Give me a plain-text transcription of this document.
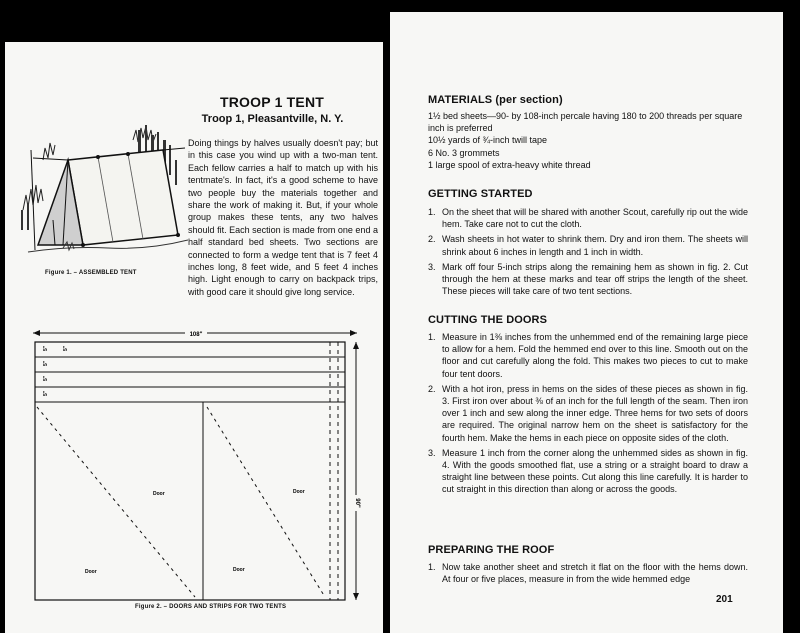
TROOP 1 TENT
Troop 1, Pleasantville, N. Y.
Doing things by halves usually doesn't pay; but in this case you wind up with a two-man tent. Each fellow carries a half to match up with his tentmate's. In fact, it's a good scheme to have two people buy the materials together and share the work of making it. But, if your whole group makes these tents, any two halves should fit. Each section is made from one end a half standard bed sheets. Two sections are connected to form a wedge tent that is 7 feet 4 inches long, 8 feet wide, and 5 feet 4 inches high. Light enough to carry on backpack trips, with good care it should give long service.
Figure 1. – ASSEMBLED TENT
108"
5"
5"
5"
5"
5"
90"
Door	Door
Door	Door
Figure 2. – DOORS AND STRIPS FOR TWO TENTS
MATERIALS (per section)
1½ bed sheets—90- by 108-inch percale having 180 to 200 threads per square inch is preferred
10½ yards of ¾-inch twill tape
6 No. 3 grommets
1 large spool of extra-heavy white thread
GETTING STARTED
1. On the sheet that will be shared with another Scout, carefully rip out the wide hem. Take care not to cut the cloth.
2. Wash sheets in hot water to shrink them. Dry and iron them. The sheets will shrink about 6 inches in length and 1 inch in width.
3. Mark off four 5-inch strips along the remaining hem as shown in fig. 2. Cut through the hem at these marks and tear off strips the length of the sheet. These pieces will take care of two tent sections.
CUTTING THE DOORS
1. Measure in 1⅜ inches from the unhemmed end of the remaining large piece to allow for a hem. Fold the hemmed end over to this line. Smooth out on the floor and cut carefully along the fold. This makes two pieces to cut to make four tent doors.
2. With a hot iron, press in hems on the sides of these pieces as shown in fig. 3. First iron over about ⅜ of an inch for the full length of the seam. Then iron over 1 inch and sew along the inner edge. Three hems for two sets of doors are required. The original narrow hem on the sheet is satisfactory for the fourth hem. Make the hems in each piece on opposite sides of the cloth.
3. Measure 1 inch from the corner along the unhemmed sides as shown in fig. 4. With the goods smoothed flat, use a string or a straight board to draw a straight line between these points. Cut along this line carefully. It is harder to cut straight in this direction than along or across the goods.
PREPARING THE ROOF
1. Now take another sheet and stretch it flat on the floor with the hems down. At four or five places, measure in from the wide hemmed edge
201
